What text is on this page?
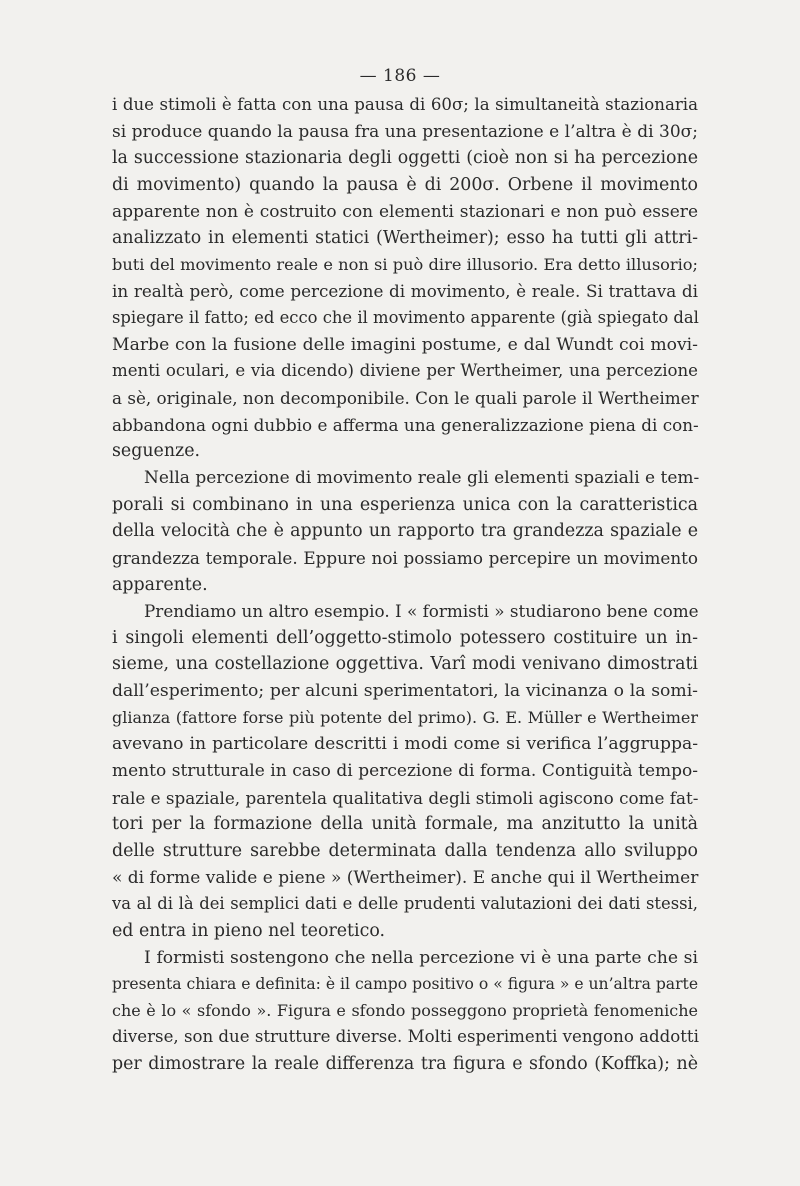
— 186 —
i due stimoli è fatta con una pausa di 60σ; la simultaneità stazionaria
si produce quando la pausa fra una presentazione e l’altra è di 30σ;
la successione stazionaria degli oggetti (cioè non si ha percezione
di movimento) quando la pausa è di 200σ. Orbene il movimento
apparente non è costruito con elementi stazionari e non può essere
analizzato in elementi statici (Wertheimer); esso ha tutti gli attri-
buti del movimento reale e non si può dire illusorio. Era detto illusorio;
in realtà però, come percezione di movimento, è reale. Si trattava di
spiegare il fatto; ed ecco che il movimento apparente (già spiegato dal
Marbe con la fusione delle imagini postume, e dal Wundt coi movi-
menti oculari, e via dicendo) diviene per Wertheimer, una percezione
a sè, originale, non decomponibile. Con le quali parole il Wertheimer
abbandona ogni dubbio e afferma una generalizzazione piena di con-
seguenze.
Nella percezione di movimento reale gli elementi spaziali e tem-
porali si combinano in una esperienza unica con la caratteristica
della velocità che è appunto un rapporto tra grandezza spaziale e
grandezza temporale. Eppure noi possiamo percepire un movimento
apparente.
Prendiamo un altro esempio. I « formisti » studiarono bene come
i singoli elementi dell’oggetto-stimolo potessero costituire un in-
sieme, una costellazione oggettiva. Varî modi venivano dimostrati
dall’esperimento; per alcuni sperimentatori, la vicinanza o la somi-
glianza (fattore forse più potente del primo). G. E. Müller e Wertheimer
avevano in particolare descritti i modi come si verifica l’aggruppa-
mento strutturale in caso di percezione di forma. Contiguità tempo-
rale e spaziale, parentela qualitativa degli stimoli agiscono come fat-
tori per la formazione della unità formale, ma anzitutto la unità
delle strutture sarebbe determinata dalla tendenza allo sviluppo
« di forme valide e piene » (Wertheimer). E anche qui il Wertheimer
va al di là dei semplici dati e delle prudenti valutazioni dei dati stessi,
ed entra in pieno nel teoretico.
I formisti sostengono che nella percezione vi è una parte che si
presenta chiara e definita: è il campo positivo o « figura » e un’altra parte
che è lo « sfondo ». Figura e sfondo posseggono proprietà fenomeniche
diverse, son due strutture diverse. Molti esperimenti vengono addotti
per dimostrare la reale differenza tra figura e sfondo (Koffka); nè
